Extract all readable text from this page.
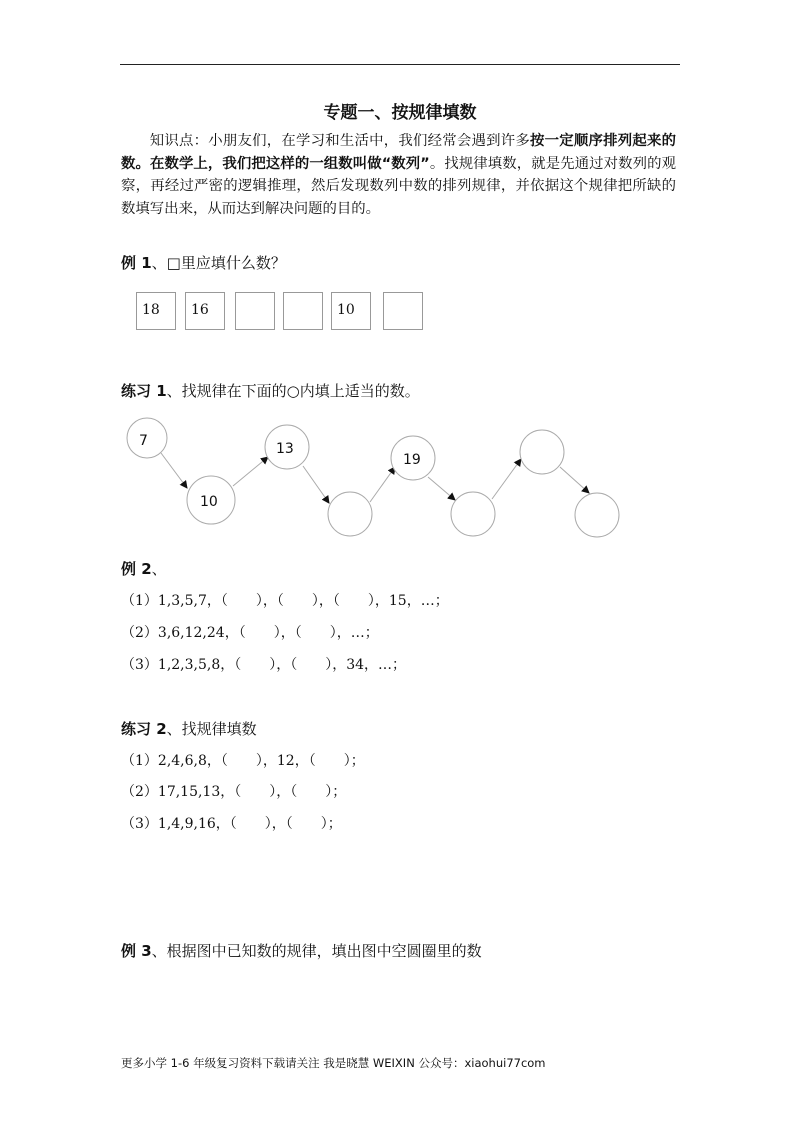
专题一、按规律填数
知识点：小朋友们，在学习和生活中，我们经常会遇到许多按一定顺序排列起来的数。在数学上，我们把这样的一组数叫做“数列”。找规律填数，就是先通过对数列的观察，再经过严密的逻辑推理，然后发现数列中数的排列规律，并依据这个规律把所缺的数填写出来，从而达到解决问题的目的。
例 1、□里应填什么数？
18	16	10
练习 1、找规律在下面的○内填上适当的数。
7
10
13
19
例 2、
（1）1,3,5,7，（　　），（　　），（　　），15，…；
（2）3,6,12,24，（　　），（　　），…；
（3）1,2,3,5,8，（　　），（　　），34，…；
练习 2、找规律填数
（1）2,4,6,8，（　　），12，（　　）；
（2）17,15,13，（　　），（　　）；
（3）1,4,9,16，（　　），（　　）；
例 3、根据图中已知数的规律，填出图中空圆圈里的数
更多小学 1-6 年级复习资料下载请关注 我是晓慧 WEIXIN 公众号：xiaohui77com
